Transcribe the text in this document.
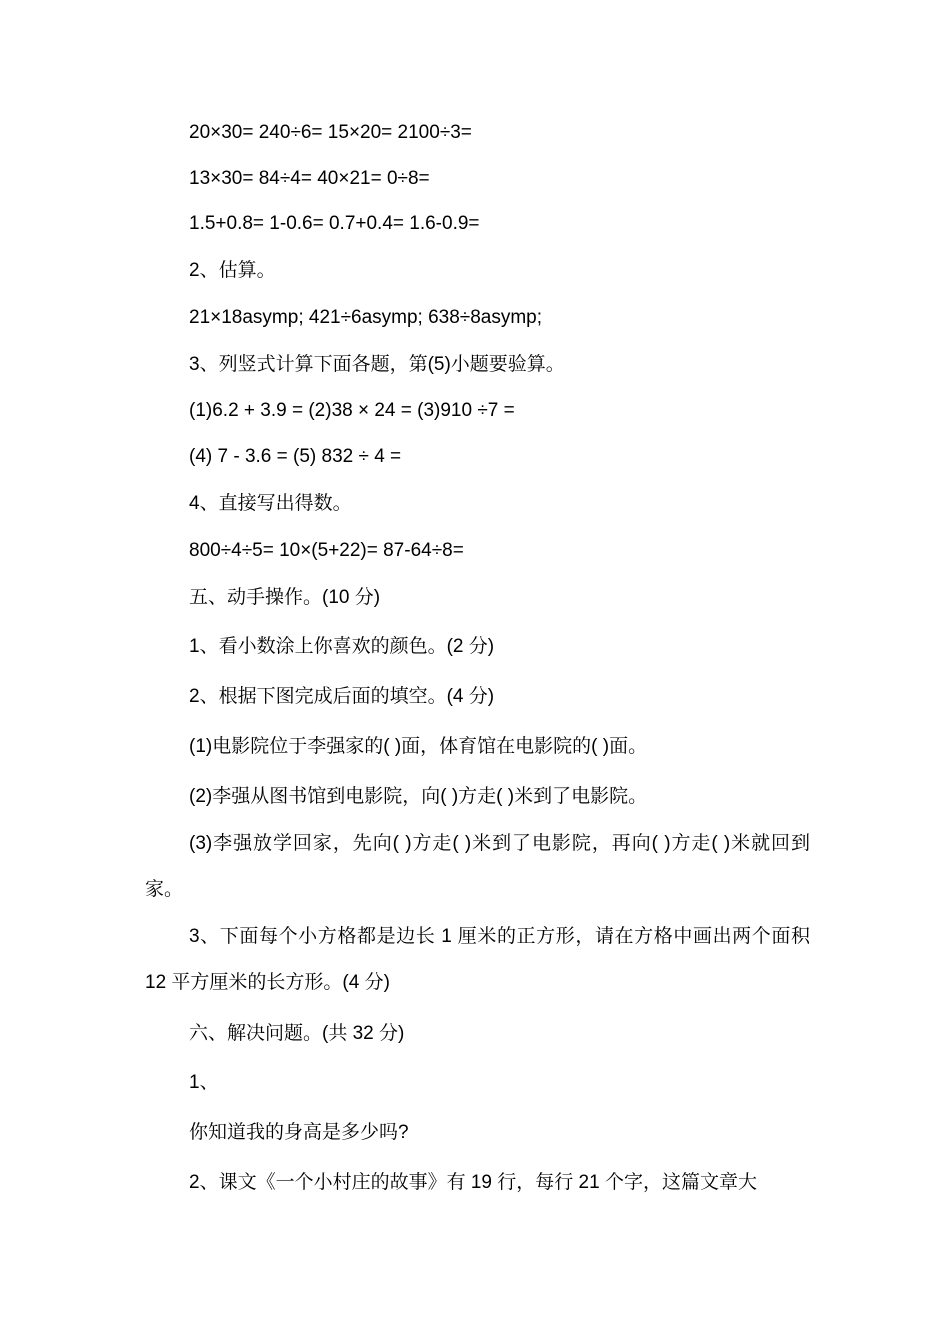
20×30= 240÷6= 15×20= 2100÷3=
13×30= 84÷4= 40×21= 0÷8=
1.5+0.8= 1-0.6= 0.7+0.4= 1.6-0.9=
2、估算。
21×18asymp; 421÷6asymp; 638÷8asymp;
3、列竖式计算下面各题，第(5)小题要验算。
(1)6.2 + 3.9 = (2)38 × 24 = (3)910 ÷7 =
(4) 7 - 3.6 = (5) 832 ÷ 4 =
4、直接写出得数。
800÷4÷5= 10×(5+22)= 87-64÷8=
五、动手操作。(10 分)
1、看小数涂上你喜欢的颜色。(2 分)
2、根据下图完成后面的填空。(4 分)
(1)电影院位于李强家的( )面，体育馆在电影院的( )面。
(2)李强从图书馆到电影院，向( )方走( )米到了电影院。
(3)李强放学回家，先向( )方走( )米到了电影院，再向( )方走( )米就回到家。
3、下面每个小方格都是边长 1 厘米的正方形，请在方格中画出两个面积 12 平方厘米的长方形。(4 分)
六、解决问题。(共 32 分)
1、
你知道我的身高是多少吗?
2、课文《一个小村庄的故事》有 19 行，每行 21 个字，这篇文章大
